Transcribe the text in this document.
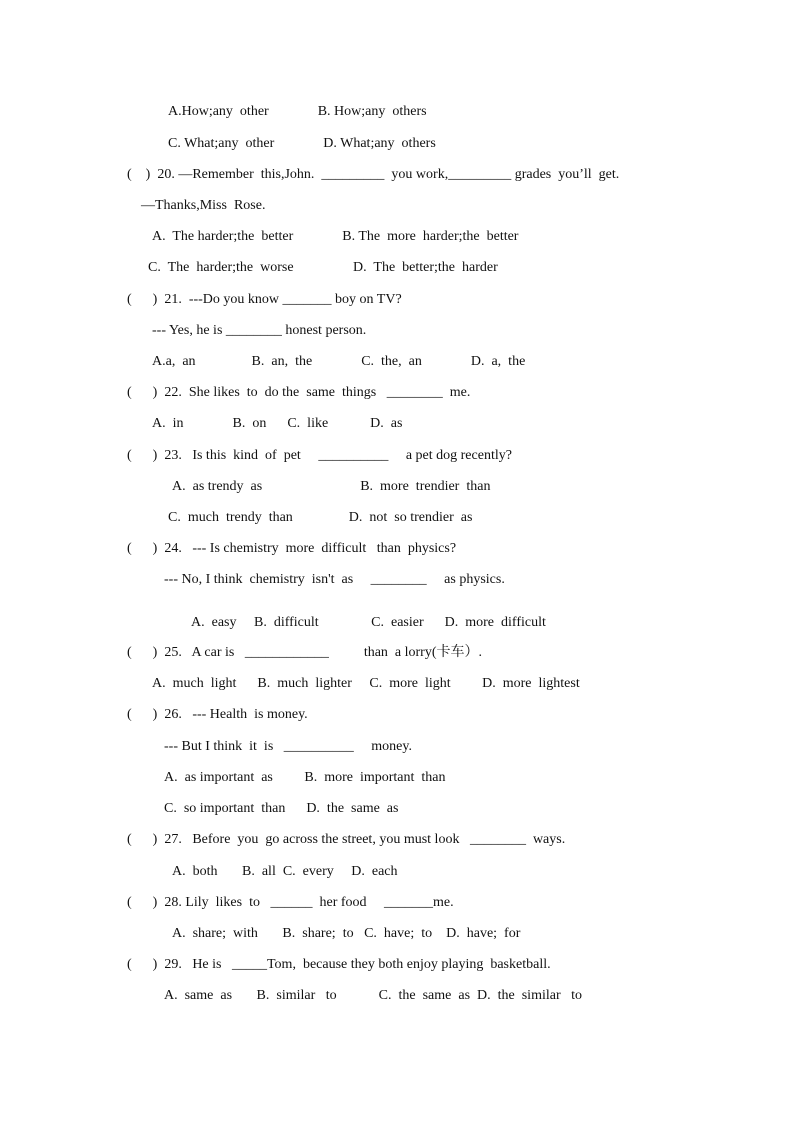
A.How;any  other              B. How;any  others
C. What;any  other              D. What;any  others
(    )  20. —Remember  this,John.  _________  you work,_________ grades  you’ll  get.
—Thanks,Miss  Rose.
A.  The harder;the  better              B. The  more  harder;the  better
C.  The  harder;the  worse                 D.  The  better;the  harder
(      )  21.  ---Do you know _______ boy on TV?
--- Yes, he is ________ honest person.
A.a,  an                B.  an,  the              C.  the,  an              D.  a,  the
(      )  22.  She likes  to  do the  same  things   ________  me.
A.  in              B.  on      C.  like            D.  as
(      )  23.   Is this  kind  of  pet     __________     a pet dog recently?
A.  as trendy  as                            B.  more  trendier  than
C.  much  trendy  than                D.  not  so trendier  as
(      )  24.   --- Is chemistry  more  difficult   than  physics?
--- No, I think  chemistry  isn't  as     ________     as physics.
A.  easy     B.  difficult               C.  easier      D.  more  difficult
(      )  25.   A car is   ____________          than  a lorry(卡车）.
A.  much  light      B.  much  lighter     C.  more  light         D.  more  lightest
(      )  26.   --- Health  is money.
--- But I think  it  is   __________     money.
A.  as important  as         B.  more  important  than
C.  so important  than      D.  the  same  as
(      )  27.   Before  you  go across the street, you must look   ________  ways.
A.  both       B.  all  C.  every     D.  each
(      )  28. Lily  likes  to   ______  her food     _______me.
A.  share;  with       B.  share;  to   C.  have;  to    D.  have;  for
(      )  29.   He is   _____Tom,  because they both enjoy playing  basketball.
A.  same  as       B.  similar   to            C.  the  same  as  D.  the  similar   to
